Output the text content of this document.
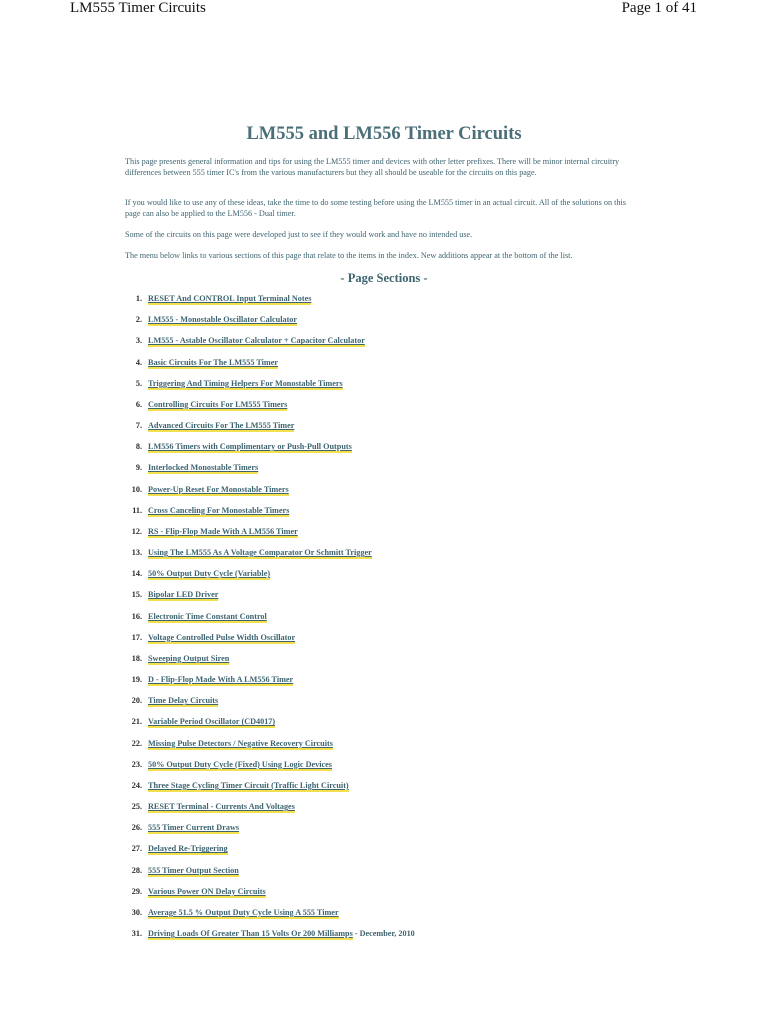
LM555 Timer Circuits	Page 1 of 41
LM555 and LM556 Timer Circuits
This page presents general information and tips for using the LM555 timer and devices with other letter prefixes. There will be minor internal circuitry differences between 555 timer IC's from the various manufacturers but they all should be useable for the circuits on this page.
If you would like to use any of these ideas, take the time to do some testing before using the LM555 timer in an actual circuit. All of the solutions on this page can also be applied to the LM556 - Dual timer.
Some of the circuits on this page were developed just to see if they would work and have no intended use.
The menu below links to various sections of this page that relate to the items in the index. New additions appear at the bottom of the list.
- Page Sections -
1. RESET And CONTROL Input Terminal Notes
2. LM555 - Monostable Oscillator Calculator
3. LM555 - Astable Oscillator Calculator + Capacitor Calculator
4. Basic Circuits For The LM555 Timer
5. Triggering And Timing Helpers For Monostable Timers
6. Controlling Circuits For LM555 Timers
7. Advanced Circuits For The LM555 Timer
8. LM556 Timers with Complimentary or Push-Pull Outputs
9. Interlocked Monostable Timers
10. Power-Up Reset For Monostable Timers
11. Cross Canceling For Monostable Timers
12. RS - Flip-Flop Made With A LM556 Timer
13. Using The LM555 As A Voltage Comparator Or Schmitt Trigger
14. 50% Output Duty Cycle (Variable)
15. Bipolar LED Driver
16. Electronic Time Constant Control
17. Voltage Controlled Pulse Width Oscillator
18. Sweeping Output Siren
19. D - Flip-Flop Made With A LM556 Timer
20. Time Delay Circuits
21. Variable Period Oscillator (CD4017)
22. Missing Pulse Detectors / Negative Recovery Circuits
23. 50% Output Duty Cycle (Fixed) Using Logic Devices
24. Three Stage Cycling Timer Circuit (Traffic Light Circuit)
25. RESET Terminal - Currents And Voltages
26. 555 Timer Current Draws
27. Delayed Re-Triggering
28. 555 Timer Output Section
29. Various Power ON Delay Circuits
30. Average 51.5 % Output Duty Cycle Using A 555 Timer
31. Driving Loads Of Greater Than 15 Volts Or 200 Milliamps - December, 2010
